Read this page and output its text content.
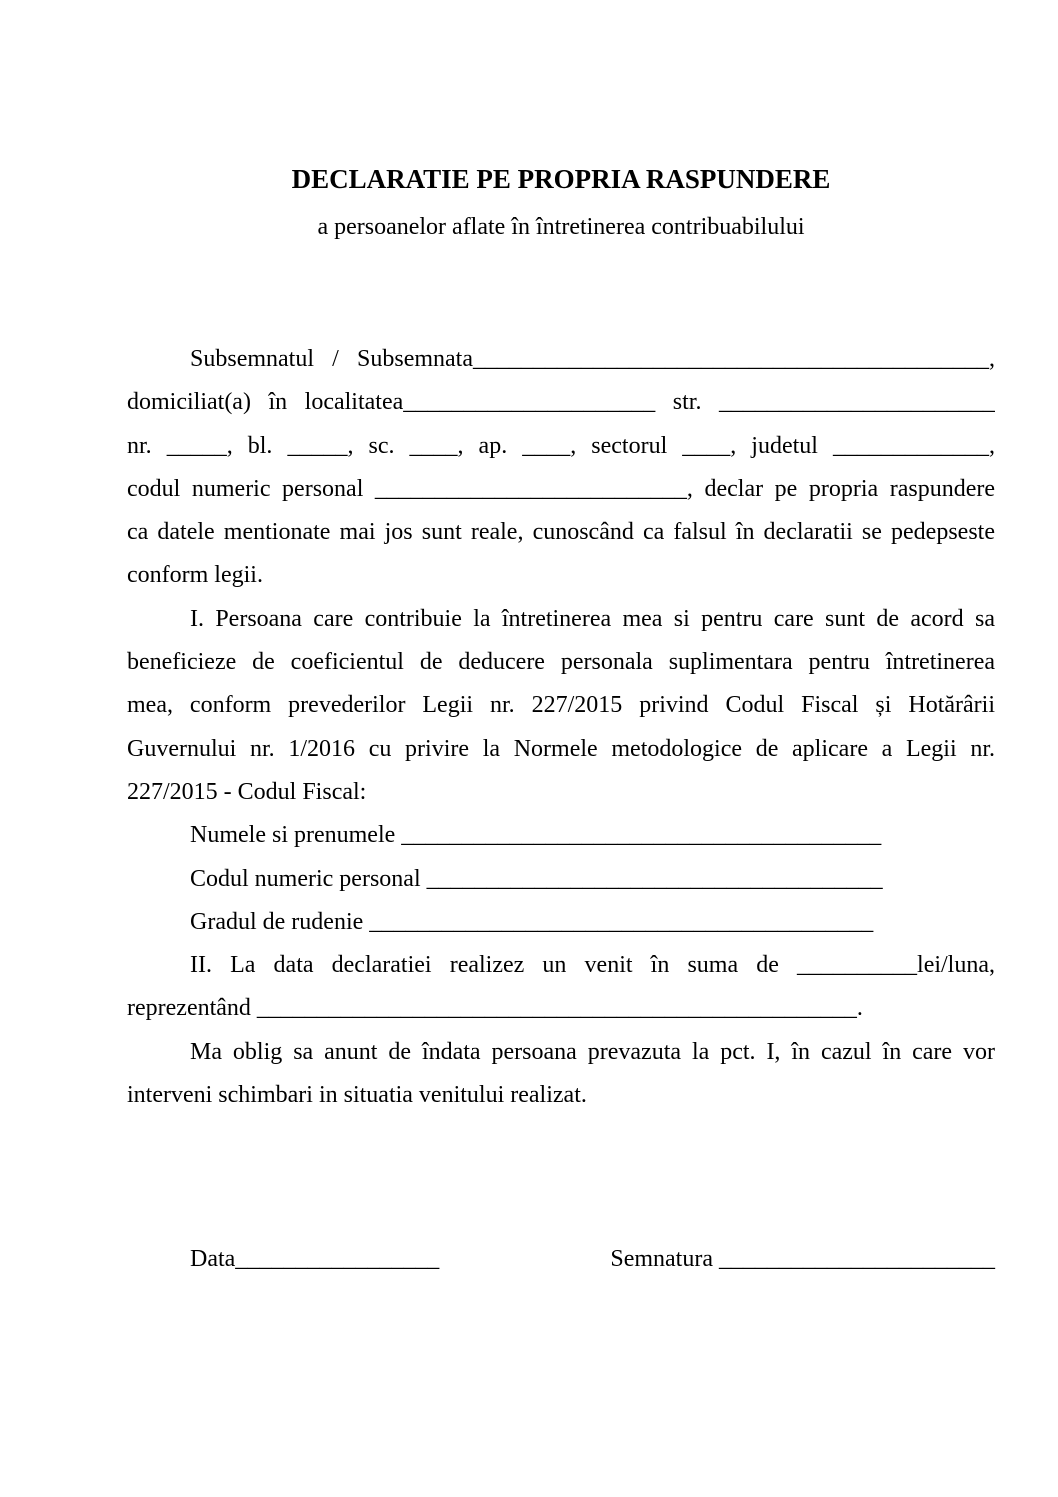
DECLARATIE PE PROPRIA RASPUNDERE
a persoanelor aflate în întretinerea contribuabilului
Subsemnatul / Subsemnata___________________________________________,
domiciliat(a) în localitatea_____________________ str. _______________________
nr. _____, bl. _____, sc. ____, ap. ____, sectorul ____, judetul _____________,
codul numeric personal __________________________, declar pe propria raspundere
ca datele mentionate mai jos sunt reale, cunoscând ca falsul în declaratii se pedepseste
conform legii.
I. Persoana care contribuie la întretinerea mea si pentru care sunt de acord sa
beneficieze de coeficientul de deducere personala suplimentara pentru întretinerea
mea, conform prevederilor Legii nr. 227/2015 privind Codul Fiscal și Hotărârii
Guvernului nr. 1/2016 cu privire la Normele metodologice de aplicare a Legii nr.
227/2015 - Codul Fiscal:
Numele si prenumele ________________________________________
Codul numeric personal ______________________________________
Gradul de rudenie __________________________________________
II. La data declaratiei realizez un venit în suma de __________lei/luna,
reprezentând __________________________________________________.
Ma oblig sa anunt de îndata persoana prevazuta la pct. I, în cazul în care vor
interveni schimbari in situatia venitului realizat.
Data_________________	Semnatura _______________________
